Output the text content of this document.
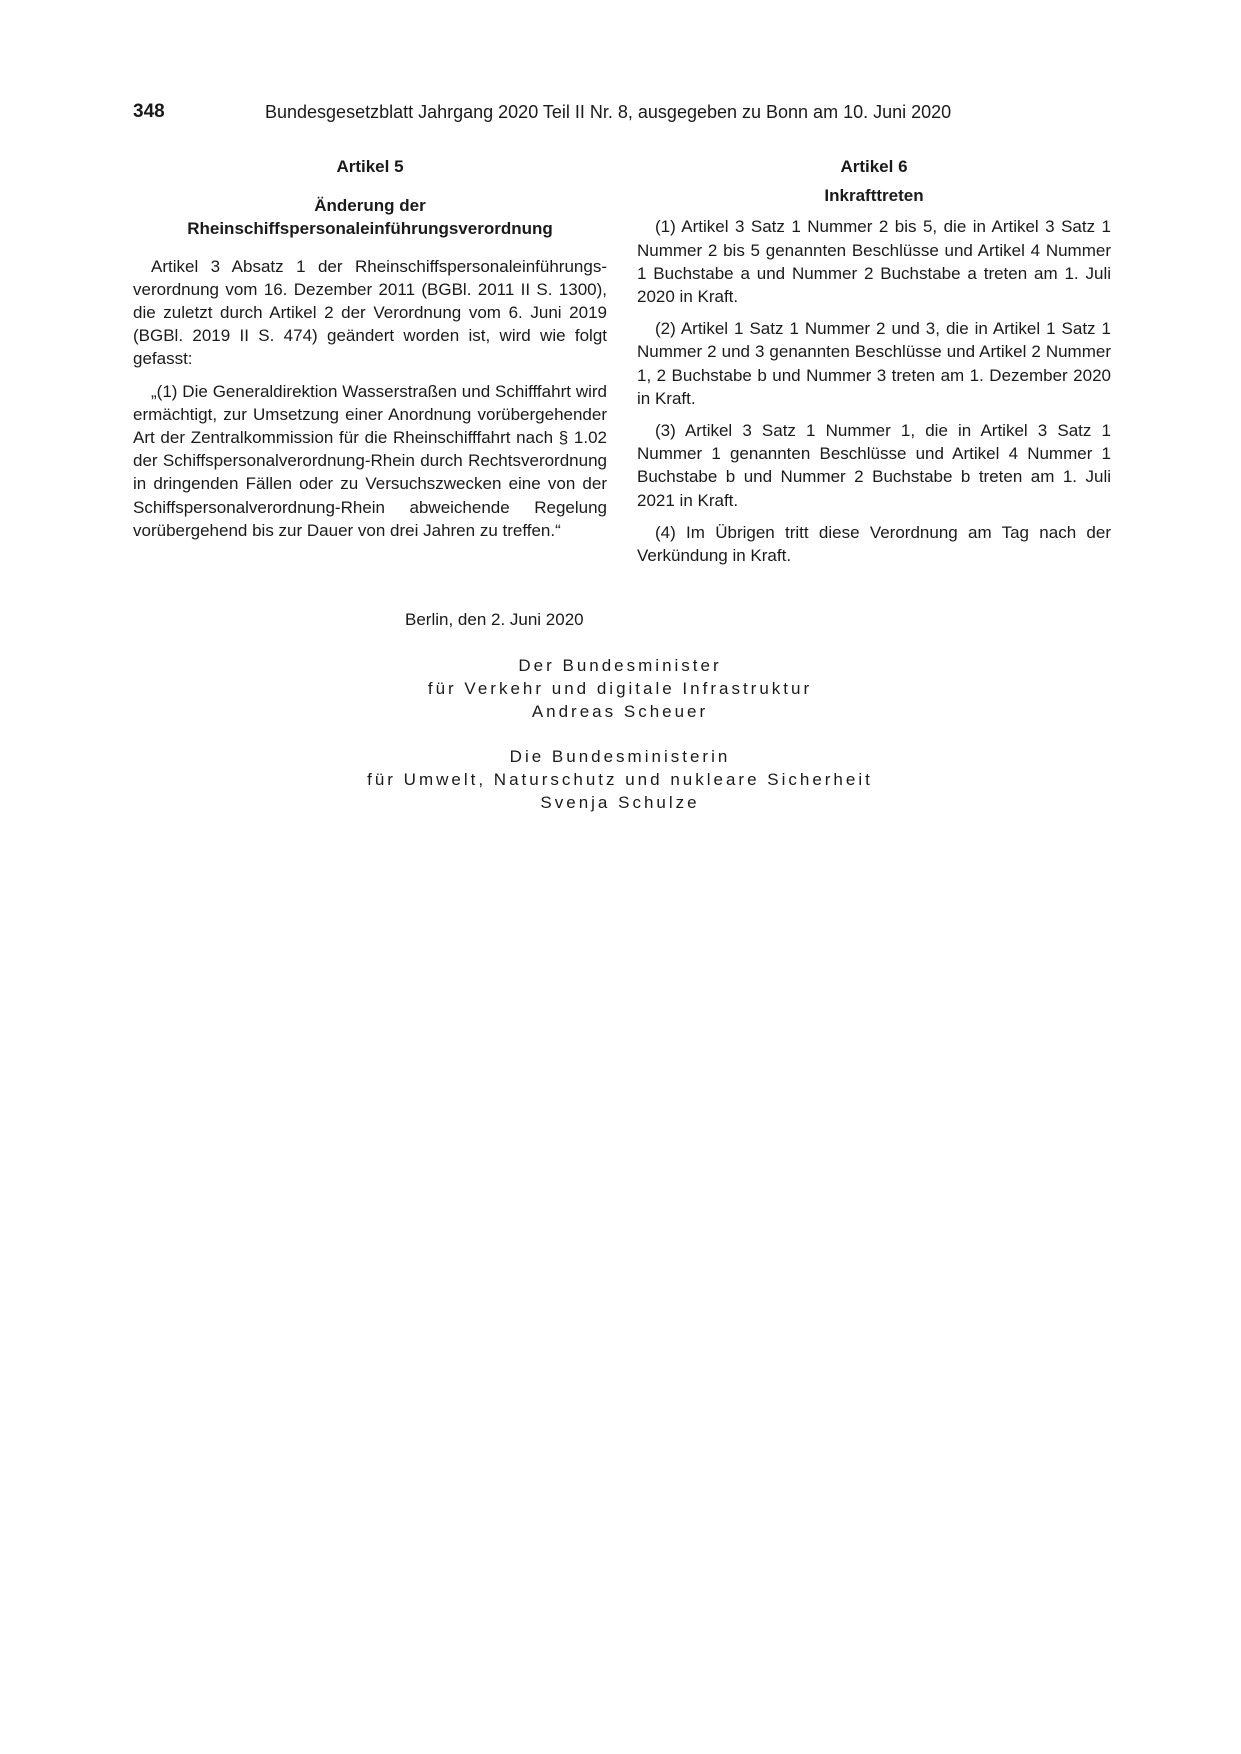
348	Bundesgesetzblatt Jahrgang 2020 Teil II Nr. 8, ausgegeben zu Bonn am 10. Juni 2020
Artikel 5
Änderung der
Rheinschiffspersonaleinführungsverordnung

Artikel 3 Absatz 1 der Rheinschiffspersonaleinführungsverordnung vom 16. Dezember 2011 (BGBl. 2011 II S. 1300), die zuletzt durch Artikel 2 der Verordnung vom 6. Juni 2019 (BGBl. 2019 II S. 474) geändert worden ist, wird wie folgt gefasst:

„(1) Die Generaldirektion Wasserstraßen und Schifffahrt wird ermächtigt, zur Umsetzung einer Anordnung vorübergehender Art der Zentralkommission für die Rheinschifffahrt nach § 1.02 der Schiffspersonalverordnung-Rhein durch Rechtsverordnung in dringenden Fällen oder zu Versuchszwecken eine von der Schiffspersonalverordnung-Rhein abweichende Regelung vorübergehend bis zur Dauer von drei Jahren zu treffen.“

Artikel 6
Inkrafttreten

(1) Artikel 3 Satz 1 Nummer 2 bis 5, die in Artikel 3 Satz 1 Nummer 2 bis 5 genannten Beschlüsse und Artikel 4 Nummer 1 Buchstabe a und Nummer 2 Buchstabe a treten am 1. Juli 2020 in Kraft.

(2) Artikel 1 Satz 1 Nummer 2 und 3, die in Artikel 1 Satz 1 Nummer 2 und 3 genannten Beschlüsse und Artikel 2 Nummer 1, 2 Buchstabe b und Nummer 3 treten am 1. Dezember 2020 in Kraft.

(3) Artikel 3 Satz 1 Nummer 1, die in Artikel 3 Satz 1 Nummer 1 genannten Beschlüsse und Artikel 4 Nummer 1 Buchstabe b und Nummer 2 Buchstabe b treten am 1. Juli 2021 in Kraft.

(4) Im Übrigen tritt diese Verordnung am Tag nach der Verkündung in Kraft.

Berlin, den 2. Juni 2020
Der Bundesminister
für Verkehr und digitale Infrastruktur
Andreas Scheuer
Die Bundesministerin
für Umwelt, Naturschutz und nukleare Sicherheit
Svenja Schulze
